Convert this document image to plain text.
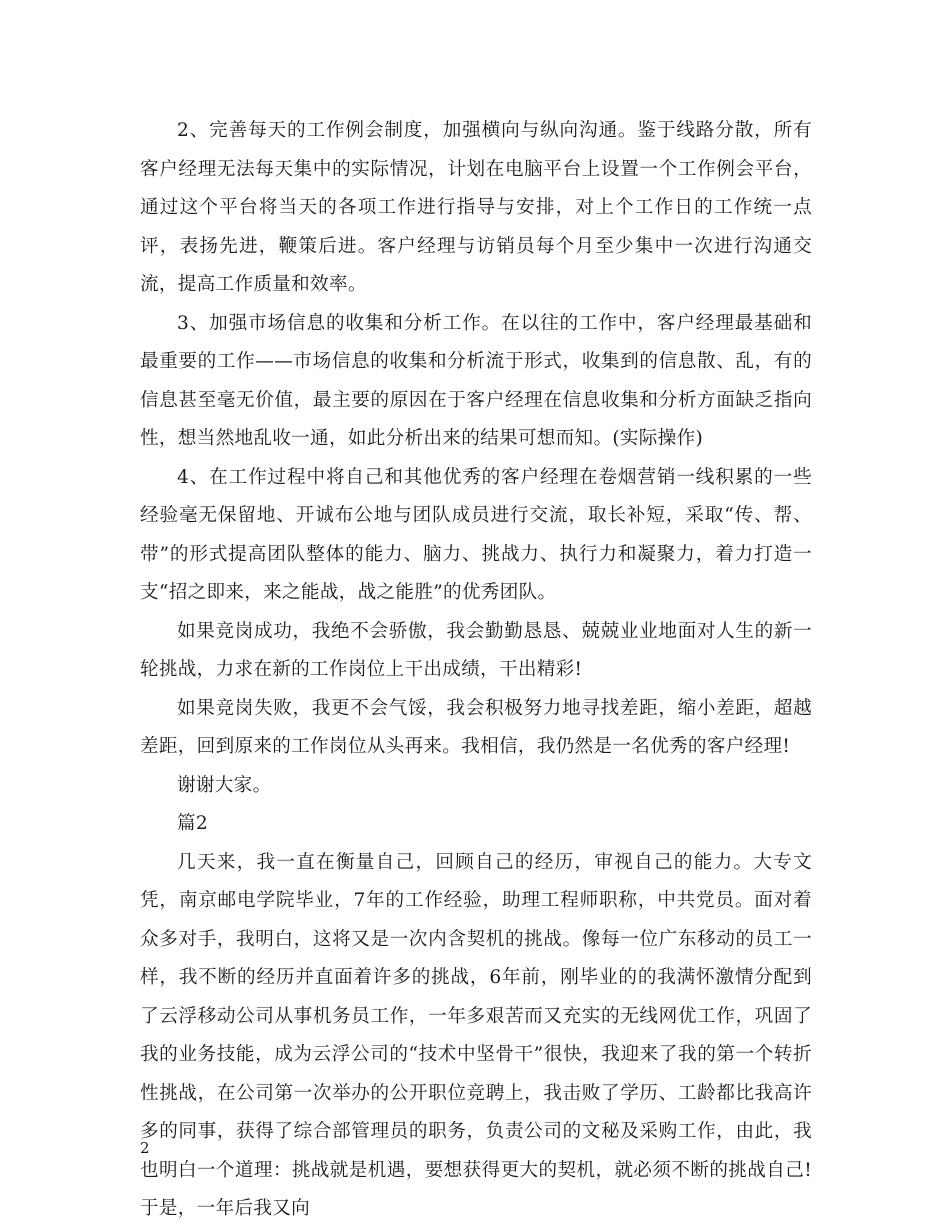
2、完善每天的工作例会制度，加强横向与纵向沟通。鉴于线路分散，所有客户经理无法每天集中的实际情况，计划在电脑平台上设置一个工作例会平台，通过这个平台将当天的各项工作进行指导与安排，对上个工作日的工作统一点评，表扬先进，鞭策后进。客户经理与访销员每个月至少集中一次进行沟通交流，提高工作质量和效率。

3、加强市场信息的收集和分析工作。在以往的工作中，客户经理最基础和最重要的工作——市场信息的收集和分析流于形式，收集到的信息散、乱，有的信息甚至毫无价值，最主要的原因在于客户经理在信息收集和分析方面缺乏指向性，想当然地乱收一通，如此分析出来的结果可想而知。(实际操作)

4、在工作过程中将自己和其他优秀的客户经理在卷烟营销一线积累的一些经验毫无保留地、开诚布公地与团队成员进行交流，取长补短，采取“传、帮、带”的形式提高团队整体的能力、脑力、挑战力、执行力和凝聚力，着力打造一支“招之即来，来之能战，战之能胜”的优秀团队。

如果竞岗成功，我绝不会骄傲，我会勤勤恳恳、兢兢业业地面对人生的新一轮挑战，力求在新的工作岗位上干出成绩，干出精彩!

如果竞岗失败，我更不会气馁，我会积极努力地寻找差距，缩小差距，超越差距，回到原来的工作岗位从头再来。我相信，我仍然是一名优秀的客户经理!

谢谢大家。

篇2

几天来，我一直在衡量自己，回顾自己的经历，审视自己的能力。大专文凭，南京邮电学院毕业，7年的工作经验，助理工程师职称，中共党员。面对着众多对手，我明白，这将又是一次内含契机的挑战。像每一位广东移动的员工一样，我不断的经历并直面着许多的挑战，6年前，刚毕业的的我满怀激情分配到了云浮移动公司从事机务员工作，一年多艰苦而又充实的无线网优工作，巩固了我的业务技能，成为云浮公司的“技术中坚骨干”很快，我迎来了我的第一个转折性挑战，在公司第一次举办的公开职位竞聘上，我击败了学历、工龄都比我高许多的同事，获得了综合部管理员的职务，负责公司的文秘及采购工作，由此，我也明白一个道理：挑战就是机遇，要想获得更大的契机，就必须不断的挑战自己!于是，一年后我又向

2
